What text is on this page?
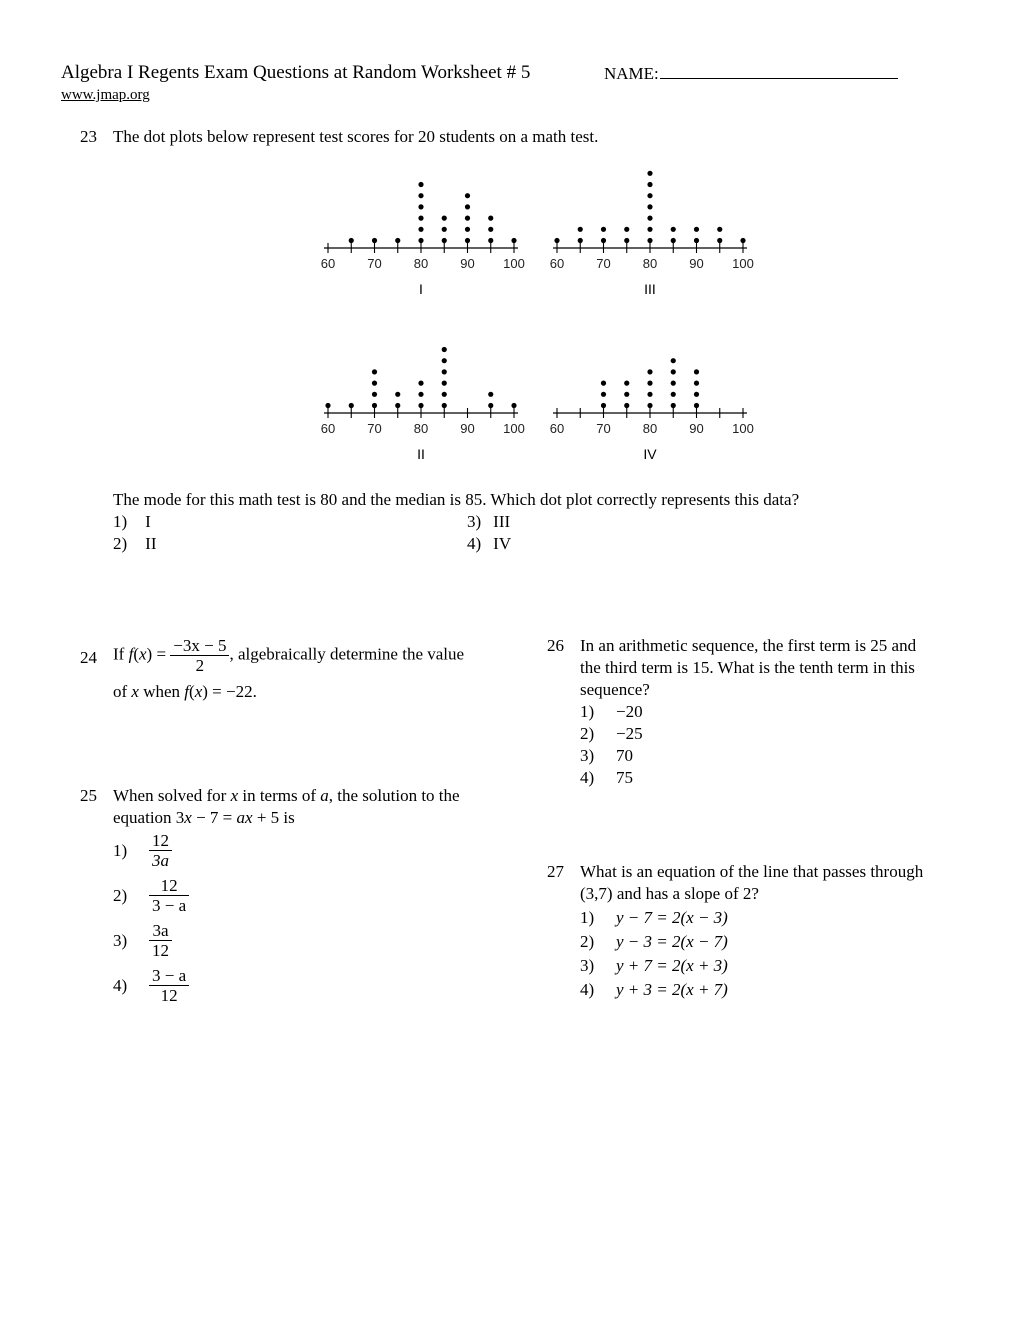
Algebra I Regents Exam Questions at Random Worksheet # 5	NAME:
www.jmap.org
23 The dot plots below represent test scores for 20 students on a math test.
60 70 80 90 100
I
60 70 80 90 100
III
60 70 80 90 100
II
60 70 80 90 100
IV
The mode for this math test is 80 and the median is 85. Which dot plot correctly represents this data?
1) I
2) II
3) III
4) IV
24 If $f(x) = \frac{-3x - 5}{2}$ , algebraically determine the value
of x when f(x) = −22.
25 When solved for x in terms of a, the solution to the
equation 3x − 7 = ax + 5 is
$1) \frac{12}{3a}$
$2) \frac{12}{3 - a}$
$3) \frac{3a}{12}$
$4) \frac{3 - a}{12}$
26 In an arithmetic sequence, the first term is 25 and
the third term is 15. What is the tenth term in this
sequence?
1) −20
2) −25
3) 70
4) 75
27 What is an equation of the line that passes through
(3,7) and has a slope of 2?
1) y − 7 = 2(x − 3)
2) y − 3 = 2(x − 7)
3) y + 7 = 2(x + 3)
4) y + 3 = 2(x + 7)
